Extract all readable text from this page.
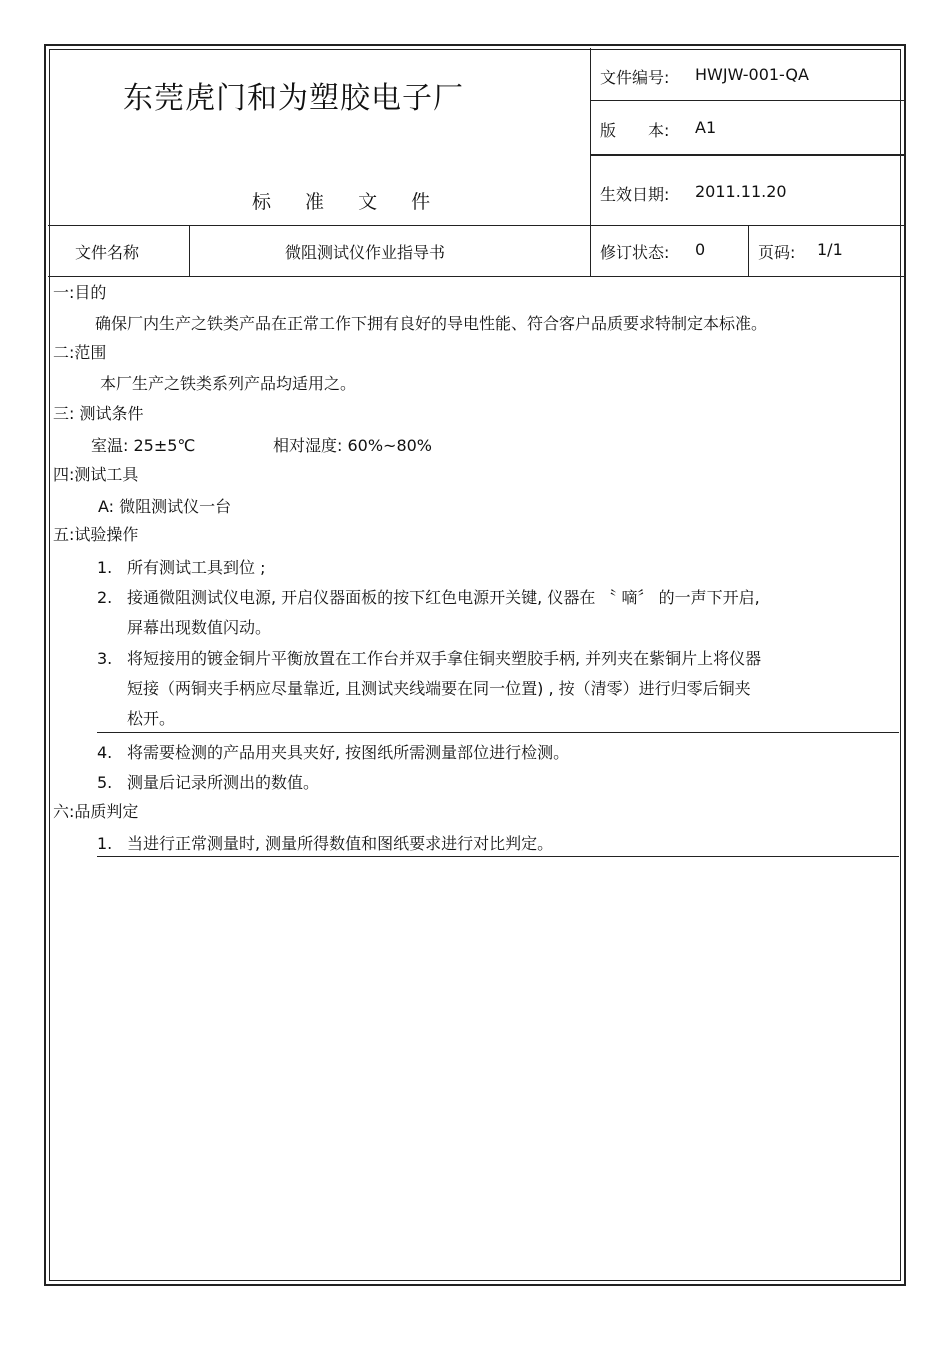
东莞虎门和为塑胶电子厂
标 准 文 件
文件编号: HWJW-001-QA
版　　本: A1
生效日期: 2011.11.20
文件名称	微阻测试仪作业指导书	修订状态: 0	页码: 1/1
一:目的
确保厂内生产之铁类产品在正常工作下拥有良好的导电性能、符合客户品质要求特制定本标准。
二:范围
本厂生产之铁类系列产品均适用之。
三: 测试条件
室温: 25±5℃	相对湿度: 60%~80%
四:测试工具
A: 微阻测试仪一台
五:试验操作
1. 所有测试工具到位 ;
2. 接通微阻测试仪电源, 开启仪器面板的按下红色电源开关键, 仪器在 〝 嘀〞 的一声下开启,
屏幕出现数值闪动。
3. 将短接用的镀金铜片平衡放置在工作台并双手拿住铜夹塑胶手柄, 并列夹在紫铜片上将仪器
短接（两铜夹手柄应尽量靠近, 且测试夹线端要在同一位置) , 按（清零）进行归零后铜夹
松开。
4. 将需要检测的产品用夹具夹好, 按图纸所需测量部位进行检测。
5. 测量后记录所测出的数值。
六:品质判定
1. 当进行正常测量时, 测量所得数值和图纸要求进行对比判定。
